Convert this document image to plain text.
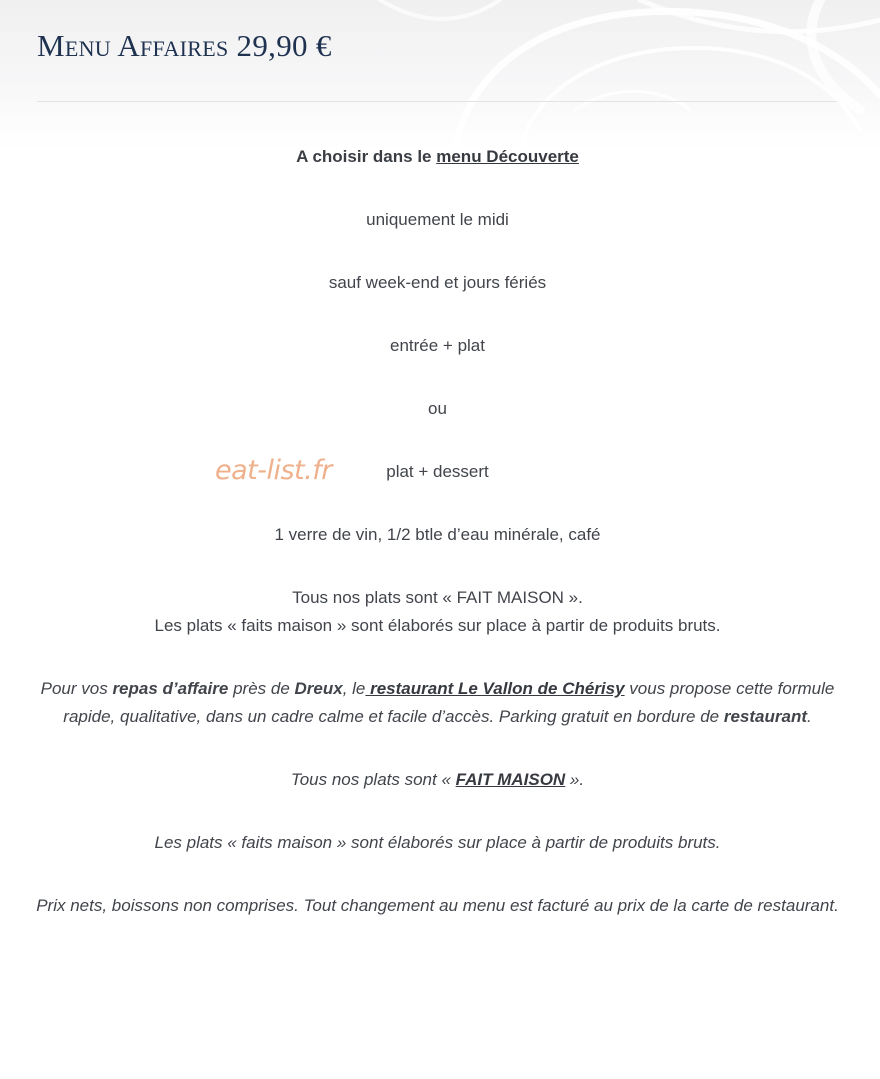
Menu Affaires 29,90 €
eat-list.fr

A choisir dans le menu Découverte

uniquement le midi

sauf week-end et jours fériés

entrée + plat

ou

plat + dessert

1 verre de vin, 1/2 btle d’eau minérale, café

Tous nos plats sont « FAIT MAISON ».
Les plats « faits maison » sont élaborés sur place à partir de produits bruts.

Pour vos repas d’affaire près de Dreux, le restaurant Le Vallon de Chérisy vous propose cette formule rapide, qualitative, dans un cadre calme et facile d’accès. Parking gratuit en bordure de restaurant.

Tous nos plats sont « FAIT MAISON ».

Les plats « faits maison » sont élaborés sur place à partir de produits bruts.

Prix nets, boissons non comprises. Tout changement au menu est facturé au prix de la carte de restaurant.
